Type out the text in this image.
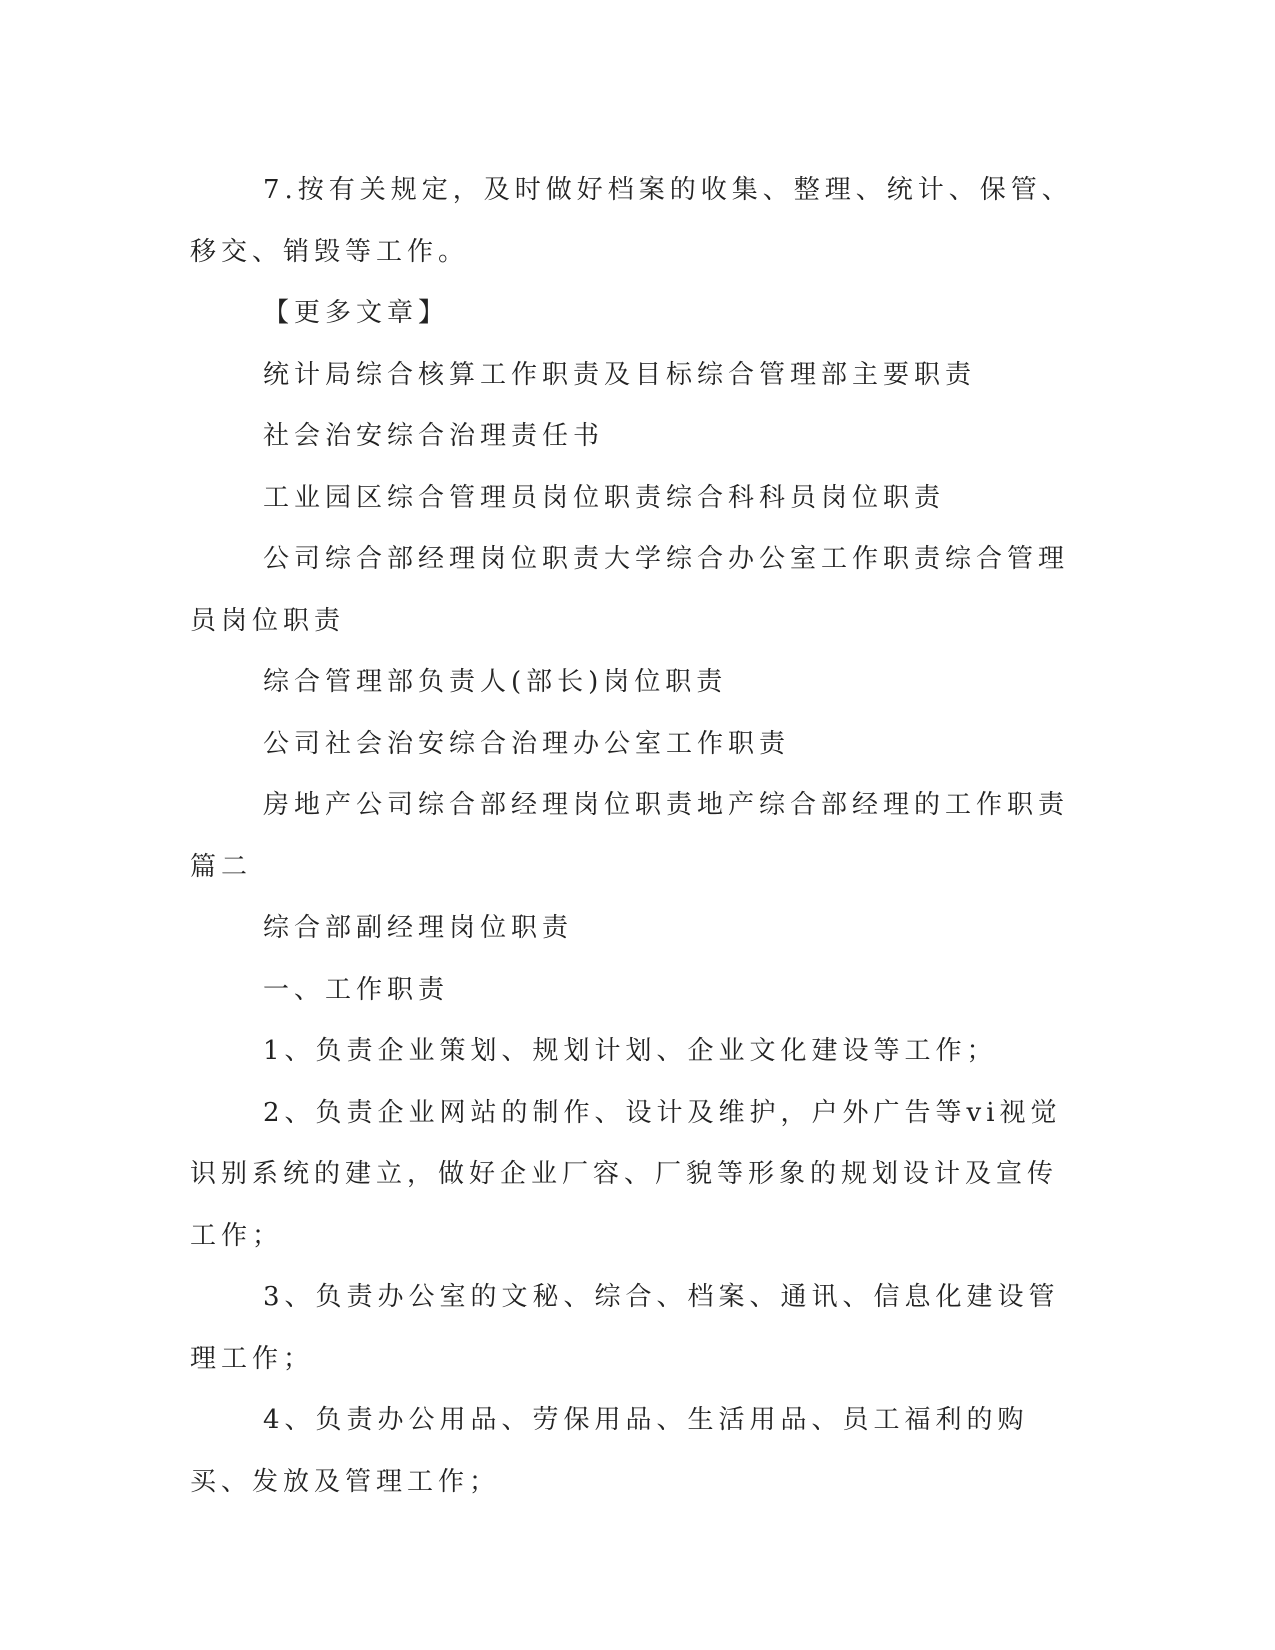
7.按有关规定，及时做好档案的收集、整理、统计、保管、移交、销毁等工作。

【更多文章】

统计局综合核算工作职责及目标综合管理部主要职责

社会治安综合治理责任书

工业园区综合管理员岗位职责综合科科员岗位职责

公司综合部经理岗位职责大学综合办公室工作职责综合管理员岗位职责

综合管理部负责人(部长)岗位职责

公司社会治安综合治理办公室工作职责

房地产公司综合部经理岗位职责地产综合部经理的工作职责篇二

综合部副经理岗位职责

一、工作职责

1、负责企业策划、规划计划、企业文化建设等工作；

2、负责企业网站的制作、设计及维护，户外广告等vi视觉识别系统的建立，做好企业厂容、厂貌等形象的规划设计及宣传工作；

3、负责办公室的文秘、综合、档案、通讯、信息化建设管理工作；

4、负责办公用品、劳保用品、生活用品、员工福利的购买、发放及管理工作；
